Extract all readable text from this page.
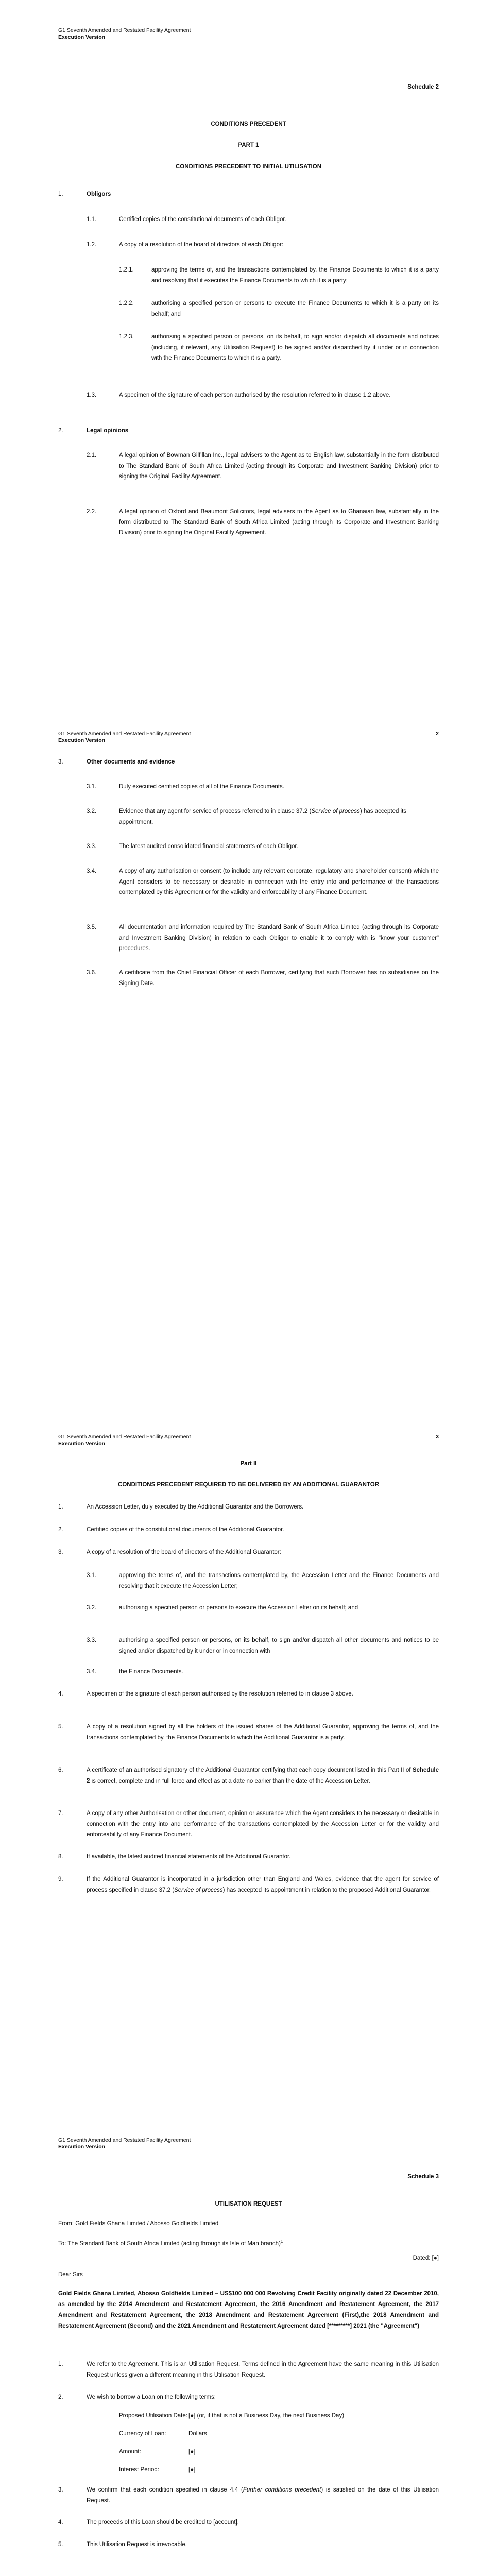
G1 Seventh Amended and Restated Facility Agreement
Execution Version
Schedule 2
CONDITIONS PRECEDENT
PART 1
CONDITIONS PRECEDENT TO INITIAL UTILISATION
1.	Obligors
1.1.	Certified copies of the constitutional documents of each Obligor.
1.2.	A copy of a resolution of the board of directors of each Obligor:
1.2.1.	approving the terms of, and the transactions contemplated by, the Finance Documents to which it is a party and resolving that it executes the Finance Documents to which it is a party;
1.2.2.	authorising a specified person or persons to execute the Finance Documents to which it is a party on its behalf; and
1.2.3.	authorising a specified person or persons, on its behalf, to sign and/or dispatch all documents and notices (including, if relevant, any Utilisation Request) to be signed and/or dispatched by it under or in connection with the Finance Documents to which it is a party.
1.3.	A specimen of the signature of each person authorised by the resolution referred to in clause 1.2 above.
2.	Legal opinions
2.1.	A legal opinion of Bowman Gilfillan Inc., legal advisers to the Agent as to English law, substantially in the form distributed to The Standard Bank of South Africa Limited (acting through its Corporate and Investment Banking Division) prior to signing the Original Facility Agreement.
2.2.	A legal opinion of Oxford and Beaumont Solicitors, legal advisers to the Agent as to Ghanaian law, substantially in the form distributed to The Standard Bank of South Africa Limited (acting through its Corporate and Investment Banking Division) prior to signing the Original Facility Agreement.
G1 Seventh Amended and Restated Facility Agreement
Execution Version
2
3.	Other documents and evidence
3.1.	Duly executed certified copies of all of the Finance Documents.
3.2.	Evidence that any agent for service of process referred to in clause 37.2 (Service of process) has accepted its appointment.
3.3.	The latest audited consolidated financial statements of each Obligor.
3.4.	A copy of any authorisation or consent (to include any relevant corporate, regulatory and shareholder consent) which the Agent considers to be necessary or desirable in connection with the entry into and performance of the transactions contemplated by this Agreement or for the validity and enforceability of any Finance Document.
3.5.	All documentation and information required by The Standard Bank of South Africa Limited (acting through its Corporate and Investment Banking Division) in relation to each Obligor to enable it to comply with is "know your customer" procedures.
3.6.	A certificate from the Chief Financial Officer of each Borrower, certifying that such Borrower has no subsidiaries on the Signing Date.
G1 Seventh Amended and Restated Facility Agreement
Execution Version
3
Part II
CONDITIONS PRECEDENT REQUIRED TO BE DELIVERED BY AN ADDITIONAL GUARANTOR
1.	An Accession Letter, duly executed by the Additional Guarantor and the Borrowers.
2.	Certified copies of the constitutional documents of the Additional Guarantor.
3.	A copy of a resolution of the board of directors of the Additional Guarantor:
3.1.	approving the terms of, and the transactions contemplated by, the Accession Letter and the Finance Documents and resolving that it execute the Accession Letter;
3.2.	authorising a specified person or persons to execute the Accession Letter on its behalf; and
3.3.	authorising a specified person or persons, on its behalf, to sign and/or dispatch all other documents and notices to be signed and/or dispatched by it under or in connection with
3.4.	the Finance Documents.
4.	A specimen of the signature of each person authorised by the resolution referred to in clause 3 above.
5.	A copy of a resolution signed by all the holders of the issued shares of the Additional Guarantor, approving the terms of, and the transactions contemplated by, the Finance Documents to which the Additional Guarantor is a party.
6.	A certificate of an authorised signatory of the Additional Guarantor certifying that each copy document listed in this Part II of Schedule 2 is correct, complete and in full force and effect as at a date no earlier than the date of the Accession Letter.
7.	A copy of any other Authorisation or other document, opinion or assurance which the Agent considers to be necessary or desirable in connection with the entry into and performance of the transactions contemplated by the Accession Letter or for the validity and enforceability of any Finance Document.
8.	If available, the latest audited financial statements of the Additional Guarantor.
9.	If the Additional Guarantor is incorporated in a jurisdiction other than England and Wales, evidence that the agent for service of process specified in clause 37.2 (Service of process) has accepted its appointment in relation to the proposed Additional Guarantor.
G1 Seventh Amended and Restated Facility Agreement
Execution Version
Schedule 3
UTILISATION REQUEST
From: Gold Fields Ghana Limited / Abosso Goldfields Limited
To: The Standard Bank of South Africa Limited (acting through its Isle of Man branch)$^1$
Dated: [●]
Dear Sirs
Gold Fields Ghana Limited, Abosso Goldfields Limited – US$100 000 000 Revolving Credit Facility originally dated 22 December 2010, as amended by the 2014 Amendment and Restatement Agreement, the 2016 Amendment and Restatement Agreement, the 2017 Amendment and Restatement Agreement, the 2018 Amendment and Restatement Agreement (First),the 2018 Amendment and Restatement Agreement (Second) and the 2021 Amendment and Restatement Agreement dated [*********] 2021 (the "Agreement")
1.	We refer to the Agreement. This is an Utilisation Request. Terms defined in the Agreement have the same meaning in this Utilisation Request unless given a different meaning in this Utilisation Request.
2.	We wish to borrow a Loan on the following terms:
Proposed Utilisation Date: [●] (or, if that is not a Business Day, the next Business Day)
Currency of Loan:	Dollars
Amount:	[●]
Interest Period:	[●]
3.	We confirm that each condition specified in clause 4.4 (Further conditions precedent) is satisfied on the date of this Utilisation Request.
4.	The proceeds of this Loan should be credited to [account].
5.	This Utilisation Request is irrevocable.
